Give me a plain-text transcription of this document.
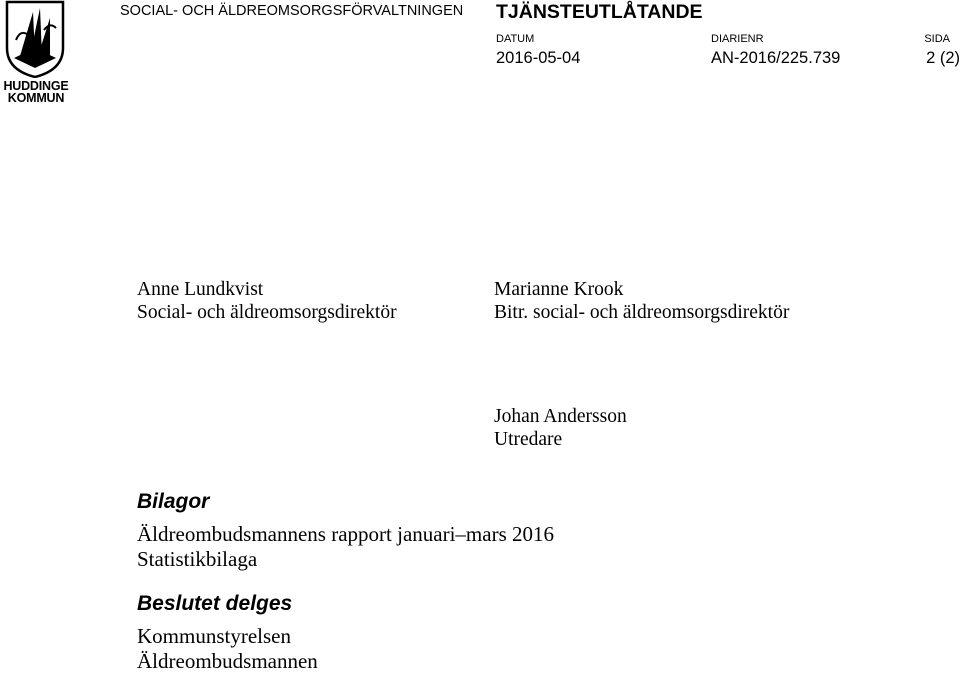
HUDDINGE
KOMMUN
SOCIAL- OCH ÄLDREOMSORGSFÖRVALTNINGEN TJÄNSTEUTLÅTANDE
DATUM
2016-05-04
DIARIENR
AN-2016/225.739
SIDA
2 (2)
Anne Lundkvist
Social- och äldreomsorgsdirektör
Marianne Krook
Bitr. social- och äldreomsorgsdirektör
Johan Andersson
Utredare
Bilagor
Äldreombudsmannens rapport januari–mars 2016
Statistikbilaga
Beslutet delges
Kommunstyrelsen
Äldreombudsmannen
